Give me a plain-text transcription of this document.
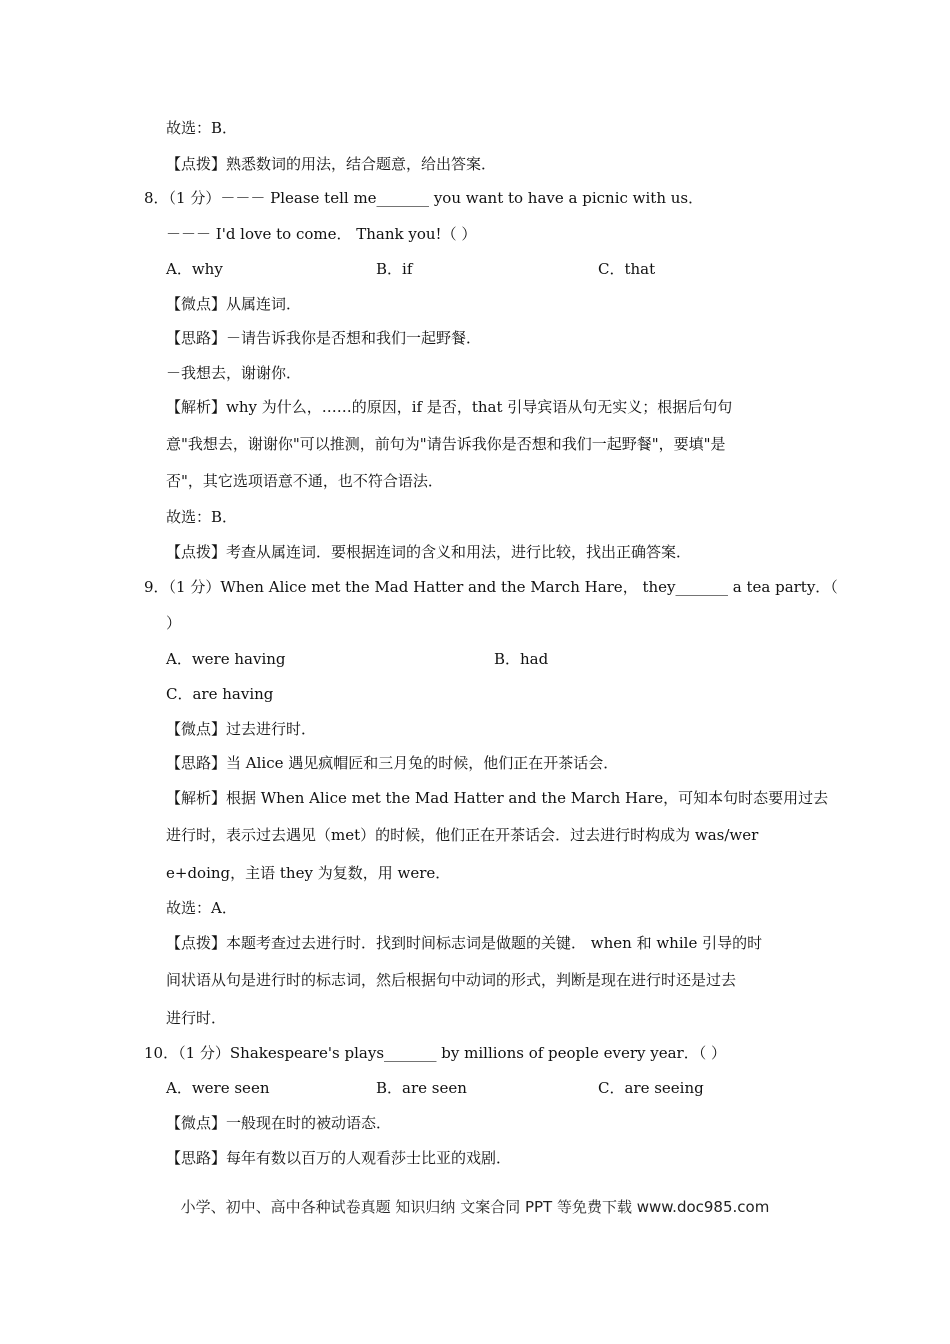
故选：B．
【点拨】熟悉数词的用法，结合题意，给出答案．
8．（1 分）－－－ Please tell me_______ you want to have a picnic with us．
－－－ I'd love to come． Thank you!（ ）
A．why	B．if	C．that
【微点】从属连词．
【思路】－请告诉我你是否想和我们一起野餐．
－我想去，谢谢你．
【解析】why 为什么，……的原因，if 是否，that 引导宾语从句无实义；根据后句句
意"我想去，谢谢你"可以推测，前句为"请告诉我你是否想和我们一起野餐"，要填"是
否"，其它选项语意不通，也不符合语法．
故选：B．
【点拨】考查从属连词．要根据连词的含义和用法，进行比较，找出正确答案．
9．（1 分）When Alice met the Mad Hatter and the March Hare， they_______ a tea party．（
）
A．were having	B．had
C．are having
【微点】过去进行时．
【思路】当 Alice 遇见疯帽匠和三月兔的时候，他们正在开茶话会．
【解析】根据 When Alice met the Mad Hatter and the March Hare，可知本句时态要用过去
进行时，表示过去遇见（met）的时候，他们正在开茶话会．过去进行时构成为 was/wer
e+doing，主语 they 为复数，用 were．
故选：A．
【点拨】本题考查过去进行时．找到时间标志词是做题的关键． when 和 while 引导的时
间状语从句是进行时的标志词，然后根据句中动词的形式，判断是现在进行时还是过去
进行时．
10．（1 分）Shakespeare's plays_______ by millions of people every year．（ ）
A．were seen	B．are seen	C．are seeing
【微点】一般现在时的被动语态．
【思路】每年有数以百万的人观看莎士比亚的戏剧．
小学、初中、高中各种试卷真题 知识归纳 文案合同 PPT 等免费下载 www.doc985.com
